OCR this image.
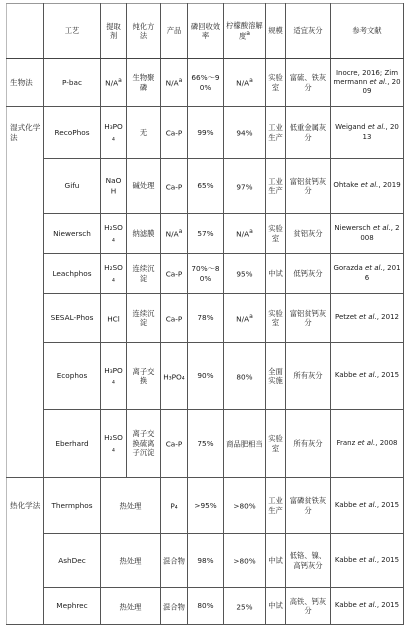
	工艺	提取剂	纯化方法	产品	磷回收效率	柠檬酸溶解度$^a$	规模	适宜灰分	参考文献
生物法	P-bac	$N/A^a$	生物聚磷	$N/A^a$	66%～90%	$N/A^a$	实验室	富硫、铁灰分	Inocre, 2016; Zimmermann et al., 2009
湿式化学法	RecoPhos	H₃PO₄	无	Ca-P	99%	94%	工业生产	低重金属灰分	Weigand et al., 2013
	Gifu	NaOH	碱处理	Ca-P	65%	97%	工业生产	富铝贫钙灰分	Ohtake et al., 2019
	Niewersch	H₂SO₄	纳滤膜	$N/A^a$	57%	$N/A^a$	实验室	贫铝灰分	Niewersch et al., 2008
	Leachphos	H₂SO₄	连续沉淀	Ca-P	70%～80%	95%	中试	低钙灰分	Gorazda et al., 2016
	SESAL-Phos	HCl	连续沉淀	Ca-P	78%	$N/A^a$	实验室	富铝贫钙灰分	Petzet et al., 2012
	Ecophos	H₃PO₄	离子交换	H₃PO₄	90%	80%	全面实施	所有灰分	Kabbe et al., 2015
	Eberhard	H₂SO₄	离子交换硫离子沉淀	Ca-P	75%	商品肥相当	实验室	所有灰分	Franz et al., 2008
热化学法	Thermphos	热处理		P₄	>95%	>80%	工业生产	富磷贫铁灰分	Kabbe et al., 2015
	AshDec	热处理		混合物	98%	>80%	中试	低铬、镍、高钙灰分	Kabbe et al., 2015
	Mephrec	热处理		混合物	80%	25%	中试	高铁、钙灰分	Kabbe et al., 2015
